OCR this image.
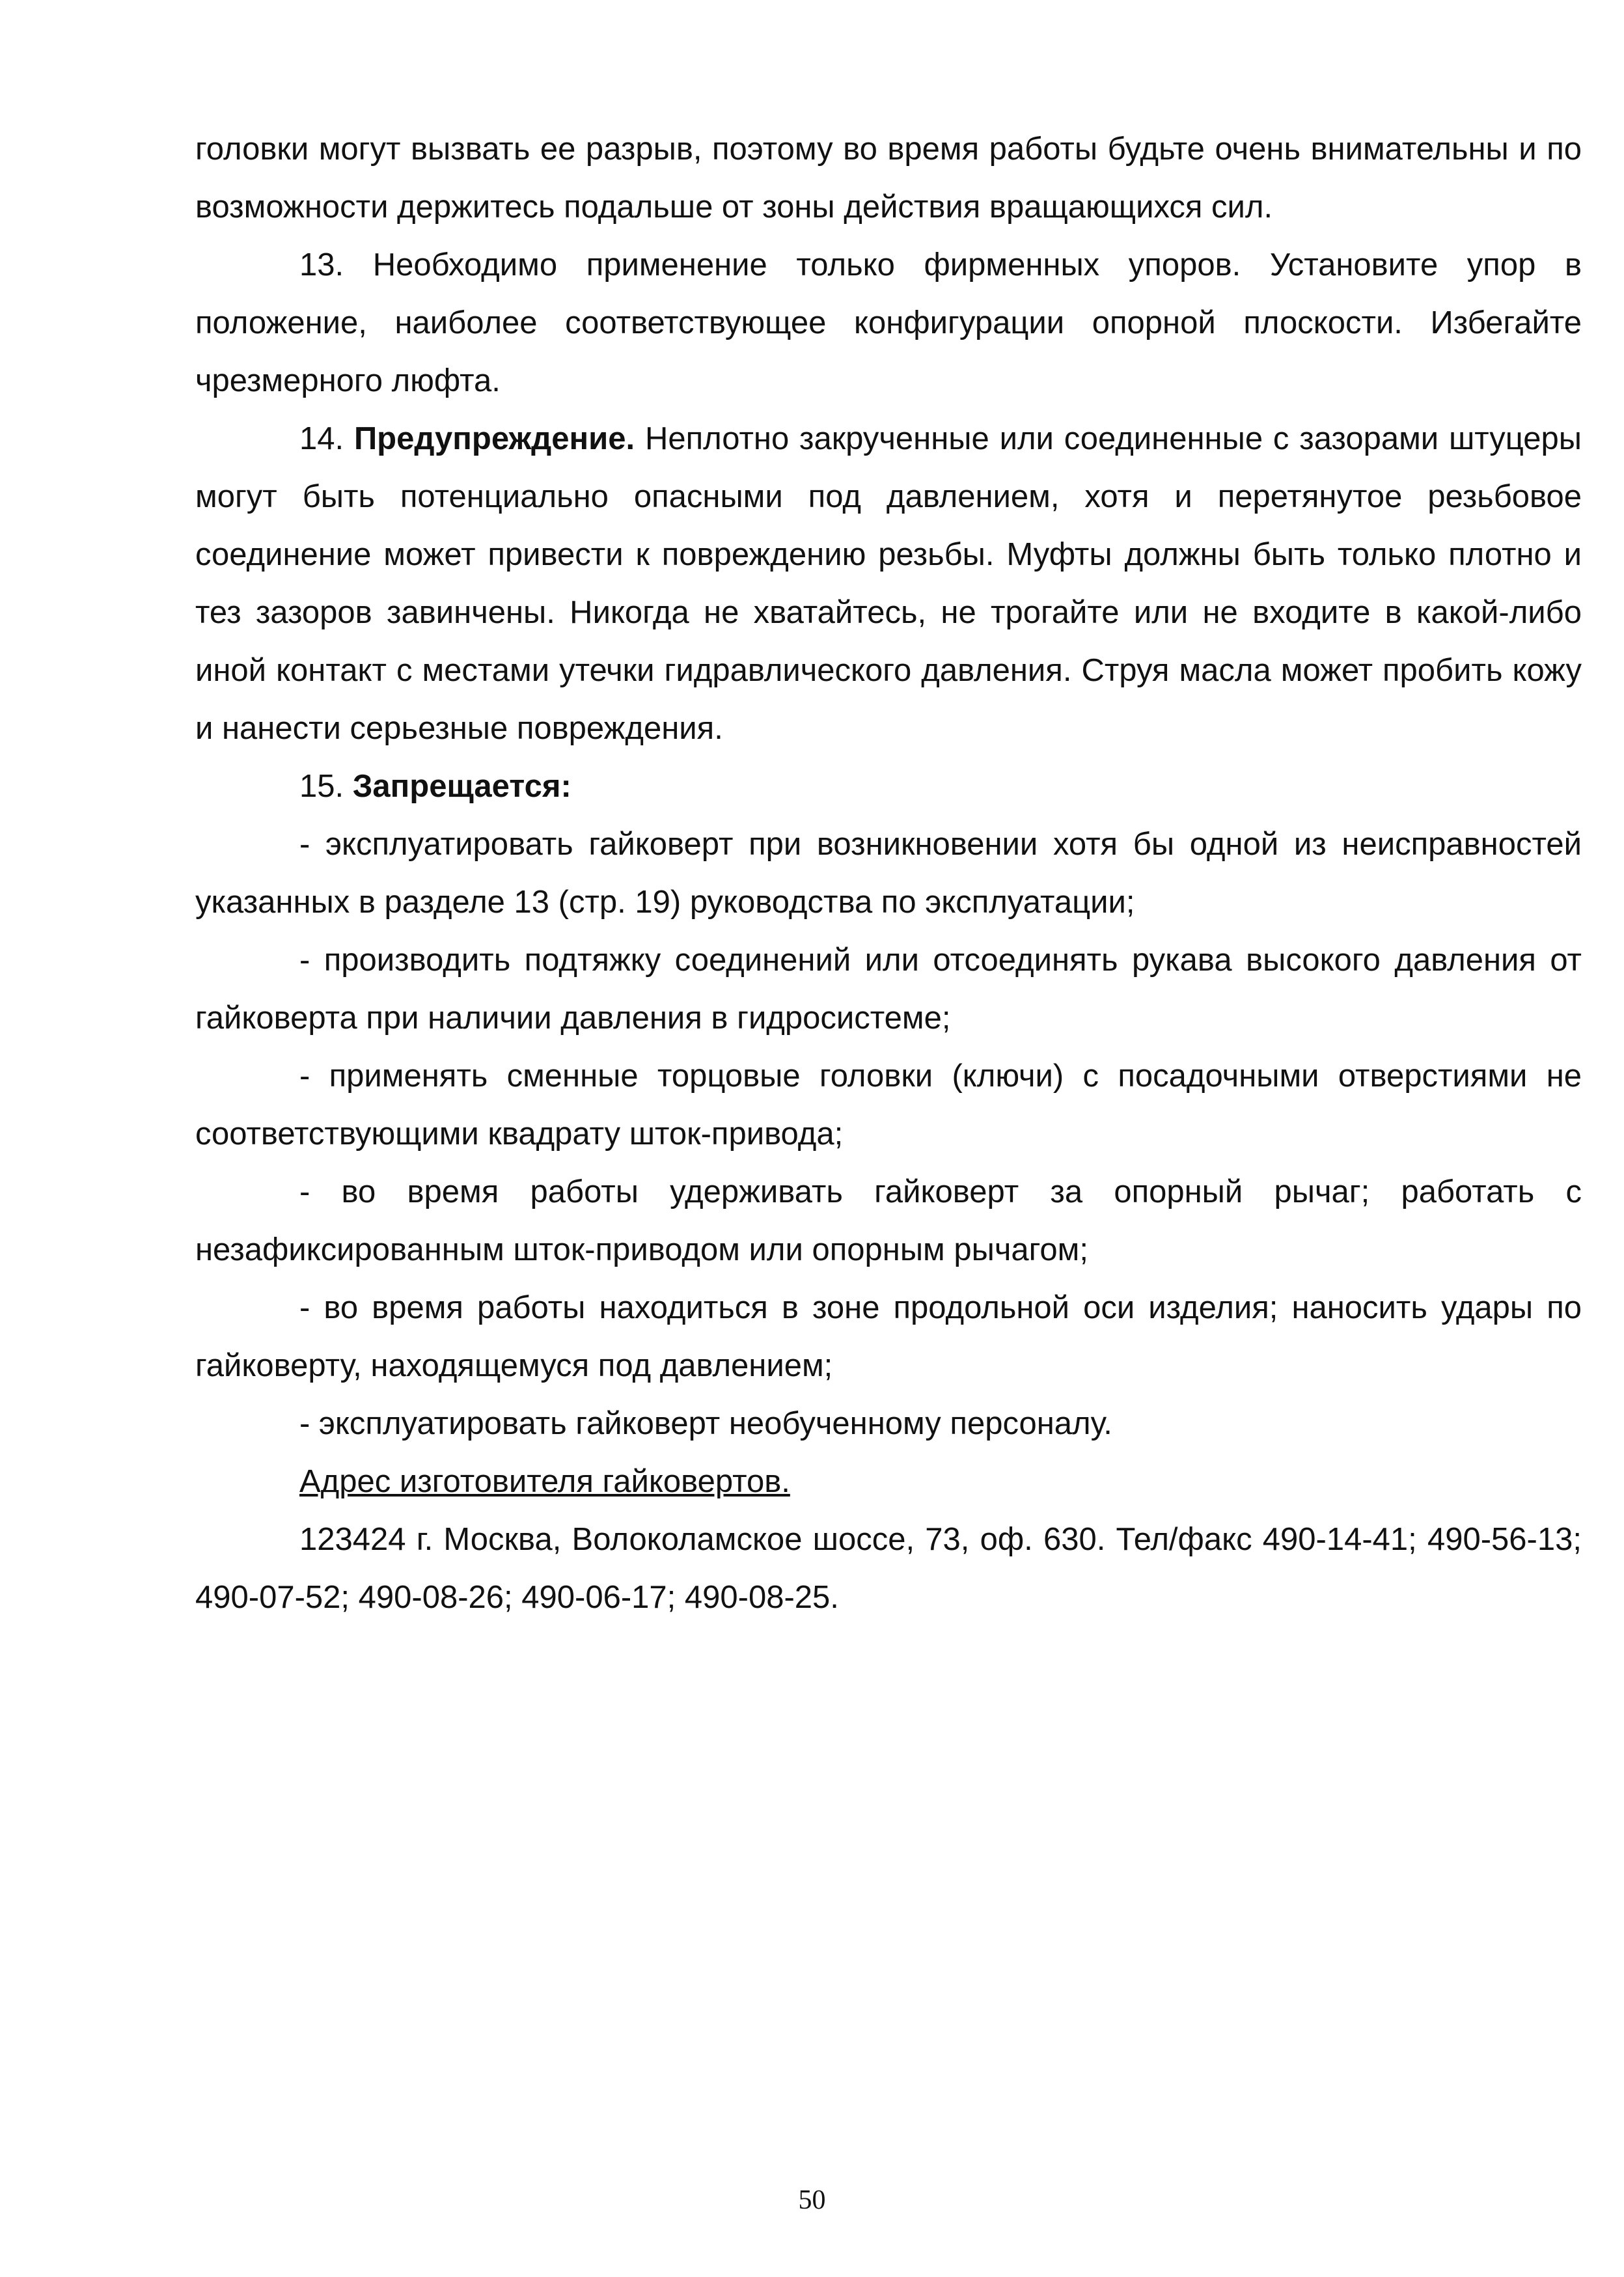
головки могут вызвать ее разрыв, поэтому во время работы будьте очень внимательны и по возможности держитесь подальше от зоны действия вращающихся сил.

13. Необходимо применение только фирменных упоров. Установите упор в положение, наиболее соответствующее конфигурации опорной плоскости. Избегайте чрезмерного люфта.

14. Предупреждение. Неплотно закрученные или соединенные с зазорами штуцеры могут быть потенциально опасными под давлением, хотя и перетянутое резьбовое соединение может привести к повреждению резьбы. Муфты должны быть только плотно и тез зазоров завинчены. Никогда не хватайтесь, не трогайте или не входите в какой-либо иной контакт с местами утечки гидравлического давления. Струя масла может пробить кожу и нанести серьезные повреждения.

15. Запрещается:

- эксплуатировать гайковерт при возникновении хотя бы одной из неисправностей указанных в разделе 13 (стр. 19) руководства по эксплуатации;

- производить подтяжку соединений или отсоединять рукава высокого давления от гайковерта при наличии давления в гидросистеме;

- применять сменные торцовые головки (ключи) с посадочными отверстиями не соответствующими квадрату шток-привода;

- во время работы удерживать гайковерт за опорный рычаг; работать с незафиксированным шток-приводом или опорным рычагом;

- во время работы находиться в зоне продольной оси изделия; наносить удары по гайковерту, находящемуся под давлением;

- эксплуатировать гайковерт необученному персоналу.

Адрес изготовителя гайковертов.

123424 г. Москва, Волоколамское шоссе, 73, оф. 630. Тел/факс 490-14-41; 490-56-13; 490-07-52; 490-08-26; 490-06-17; 490-08-25.

50
